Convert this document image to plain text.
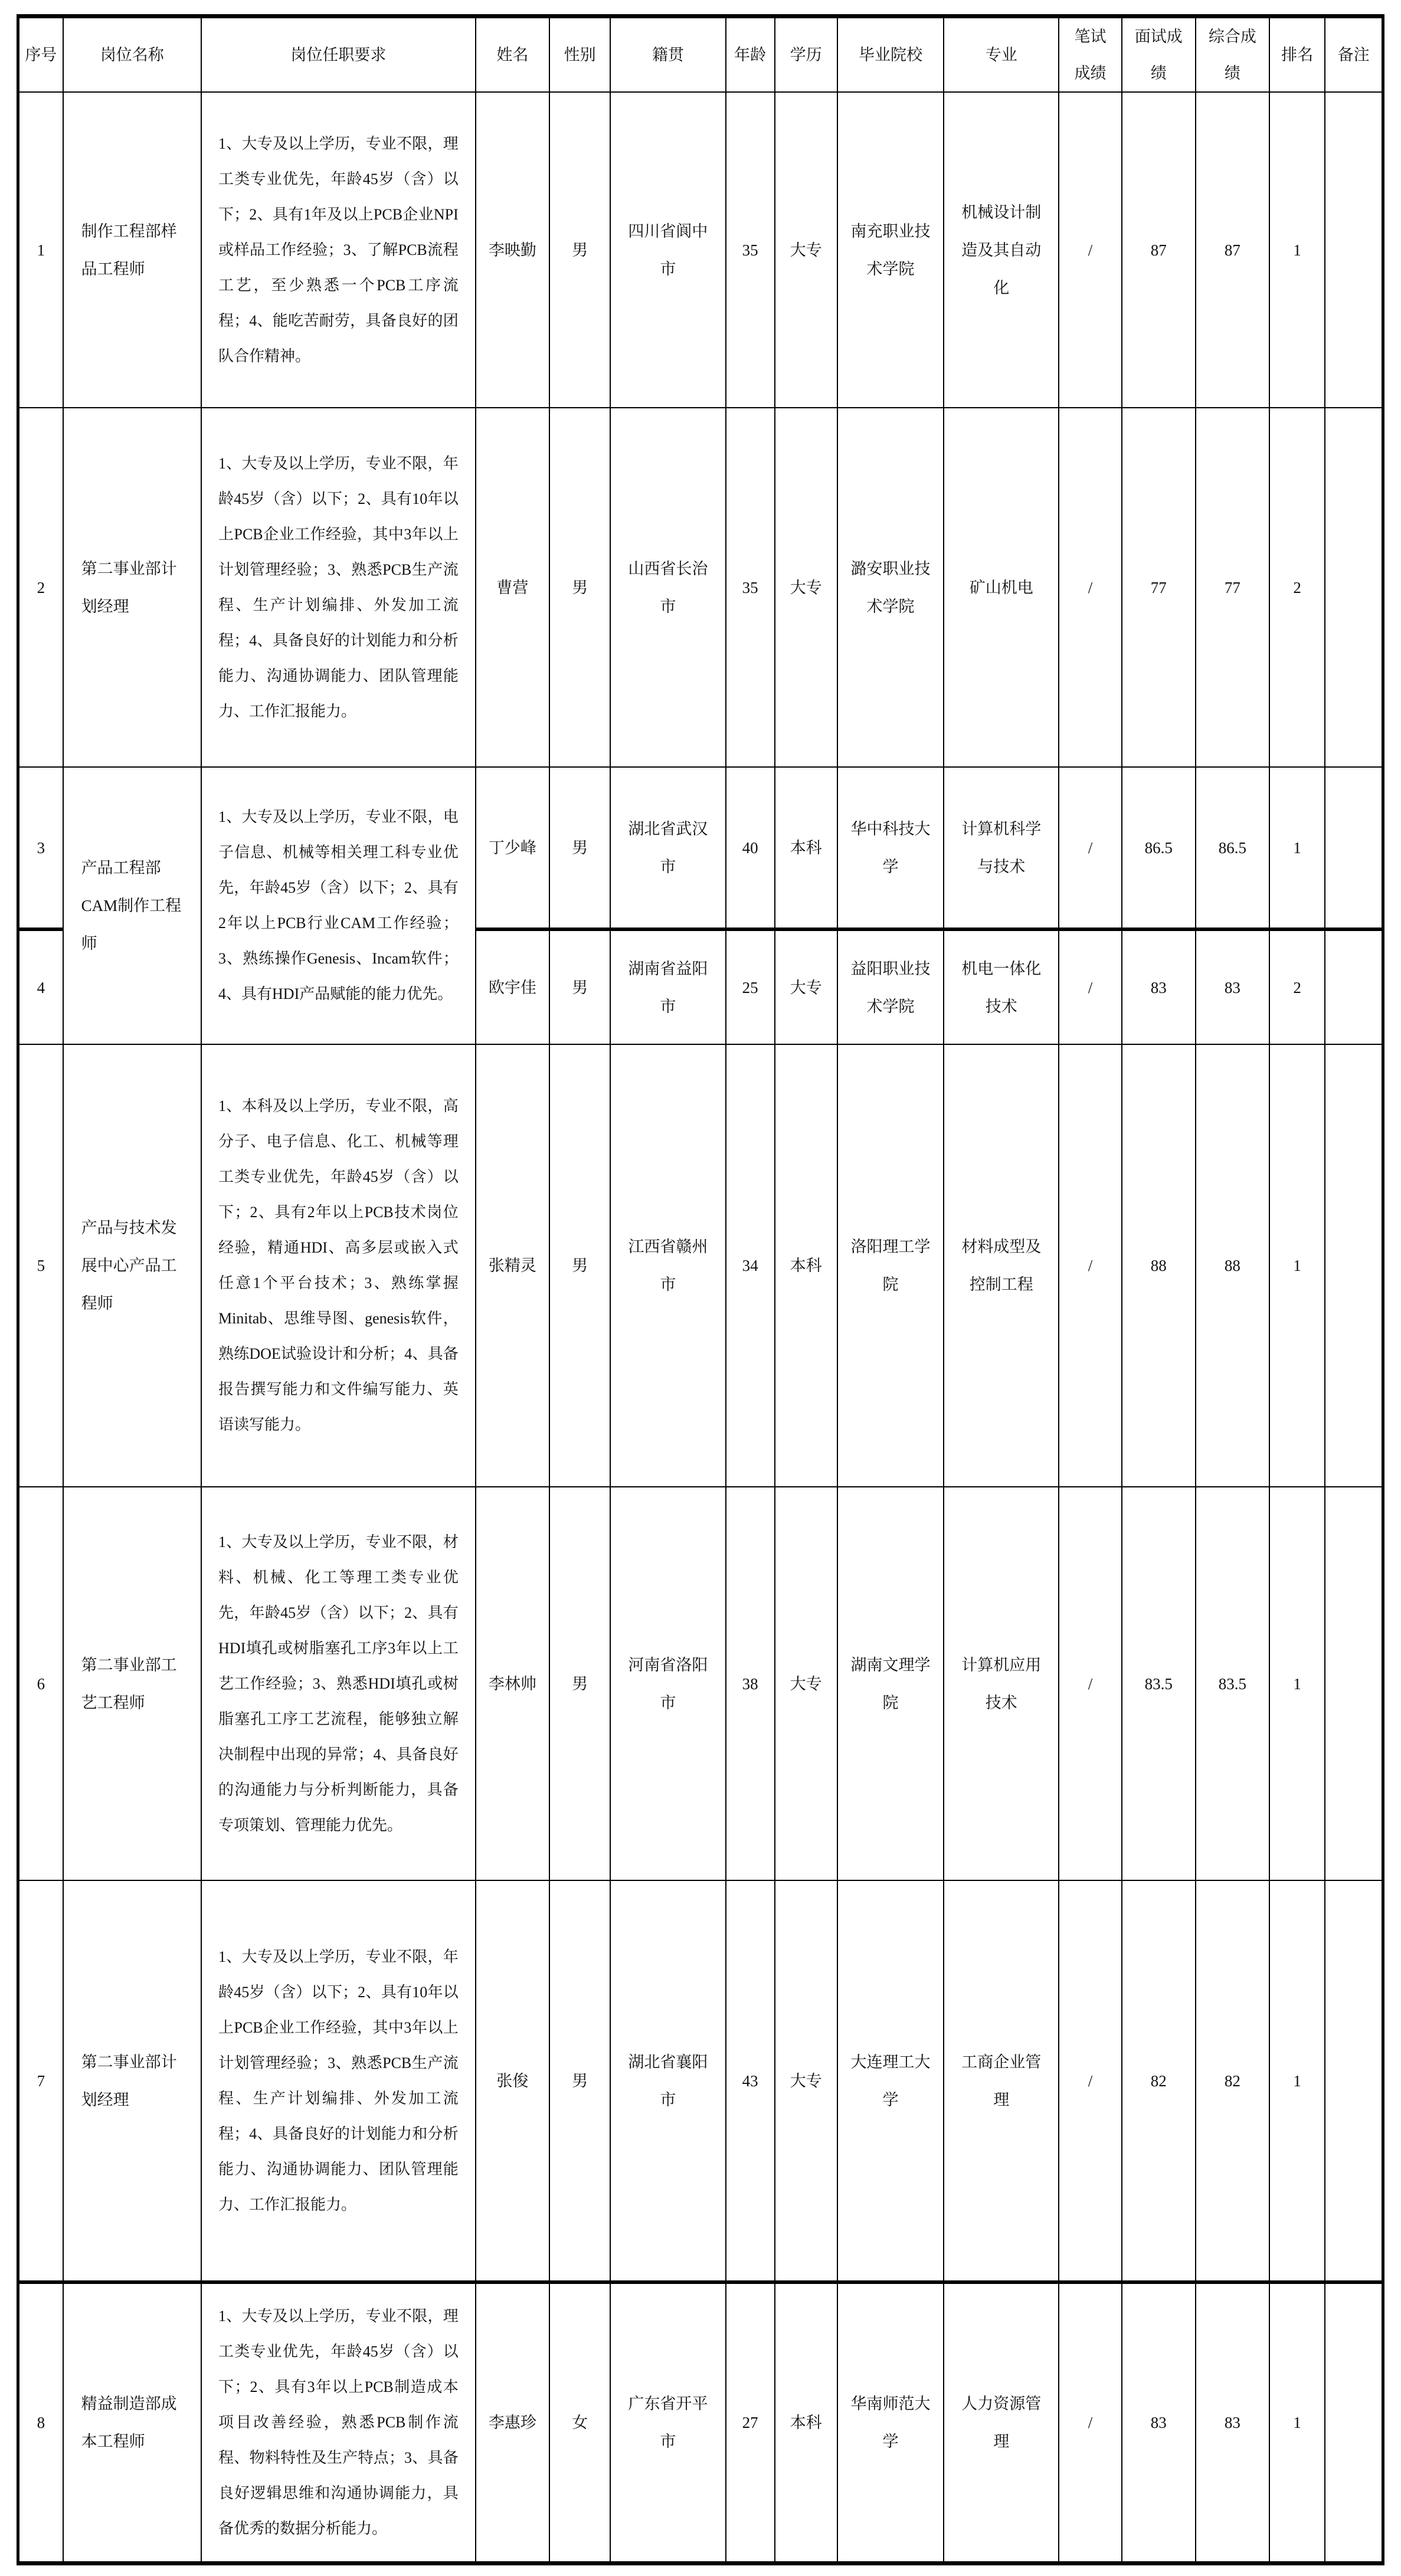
序号	岗位名称	岗位任职要求	姓名	性别	籍贯	年龄	学历	毕业院校	专业	笔试成绩	面试成绩	综合成绩	排名	备注
1	制作工程部样品工程师	1、大专及以上学历，专业不限，理工类专业优先，年龄45岁（含）以下；2、具有1年及以上PCB企业NPI或样品工作经验；3、了解PCB流程工艺，至少熟悉一个PCB工序流程；4、能吃苦耐劳，具备良好的团队合作精神。	李映勤	男	四川省阆中市	35	大专	南充职业技术学院	机械设计制造及其自动化	/	87	87	1	
2	第二事业部计划经理	1、大专及以上学历，专业不限，年龄45岁（含）以下；2、具有10年以上PCB企业工作经验，其中3年以上计划管理经验；3、熟悉PCB生产流程、生产计划编排、外发加工流程；4、具备良好的计划能力和分析能力、沟通协调能力、团队管理能力、工作汇报能力。	曹营	男	山西省长治市	35	大专	潞安职业技术学院	矿山机电	/	77	77	2	
3	产品工程部CAM制作工程师	1、大专及以上学历，专业不限，电子信息、机械等相关理工科专业优先，年龄45岁（含）以下；2、具有2年以上PCB行业CAM工作经验；3、熟练操作Genesis、Incam软件；4、具有HDI产品赋能的能力优先。	丁少峰	男	湖北省武汉市	40	本科	华中科技大学	计算机科学与技术	/	86.5	86.5	1	
4			欧宇佳	男	湖南省益阳市	25	大专	益阳职业技术学院	机电一体化技术	/	83	83	2	
5	产品与技术发展中心产品工程师	1、本科及以上学历，专业不限，高分子、电子信息、化工、机械等理工类专业优先，年龄45岁（含）以下；2、具有2年以上PCB技术岗位经验，精通HDI、高多层或嵌入式任意1个平台技术；3、熟练掌握Minitab、思维导图、genesis软件，熟练DOE试验设计和分析；4、具备报告撰写能力和文件编写能力、英语读写能力。	张精灵	男	江西省赣州市	34	本科	洛阳理工学院	材料成型及控制工程	/	88	88	1	
6	第二事业部工艺工程师	1、大专及以上学历，专业不限，材料、机械、化工等理工类专业优先，年龄45岁（含）以下；2、具有HDI填孔或树脂塞孔工序3年以上工艺工作经验；3、熟悉HDI填孔或树脂塞孔工序工艺流程，能够独立解决制程中出现的异常；4、具备良好的沟通能力与分析判断能力，具备专项策划、管理能力优先。	李林帅	男	河南省洛阳市	38	大专	湖南文理学院	计算机应用技术	/	83.5	83.5	1	
7	第二事业部计划经理	1、大专及以上学历，专业不限，年龄45岁（含）以下；2、具有10年以上PCB企业工作经验，其中3年以上计划管理经验；3、熟悉PCB生产流程、生产计划编排、外发加工流程；4、具备良好的计划能力和分析能力、沟通协调能力、团队管理能力、工作汇报能力。	张俊	男	湖北省襄阳市	43	大专	大连理工大学	工商企业管理	/	82	82	1	
8	精益制造部成本工程师	1、大专及以上学历，专业不限，理工类专业优先，年龄45岁（含）以下；2、具有3年以上PCB制造成本项目改善经验，熟悉PCB制作流程、物料特性及生产特点；3、具备良好逻辑思维和沟通协调能力，具备优秀的数据分析能力。	李惠珍	女	广东省开平市	27	本科	华南师范大学	人力资源管理	/	83	83	1	
